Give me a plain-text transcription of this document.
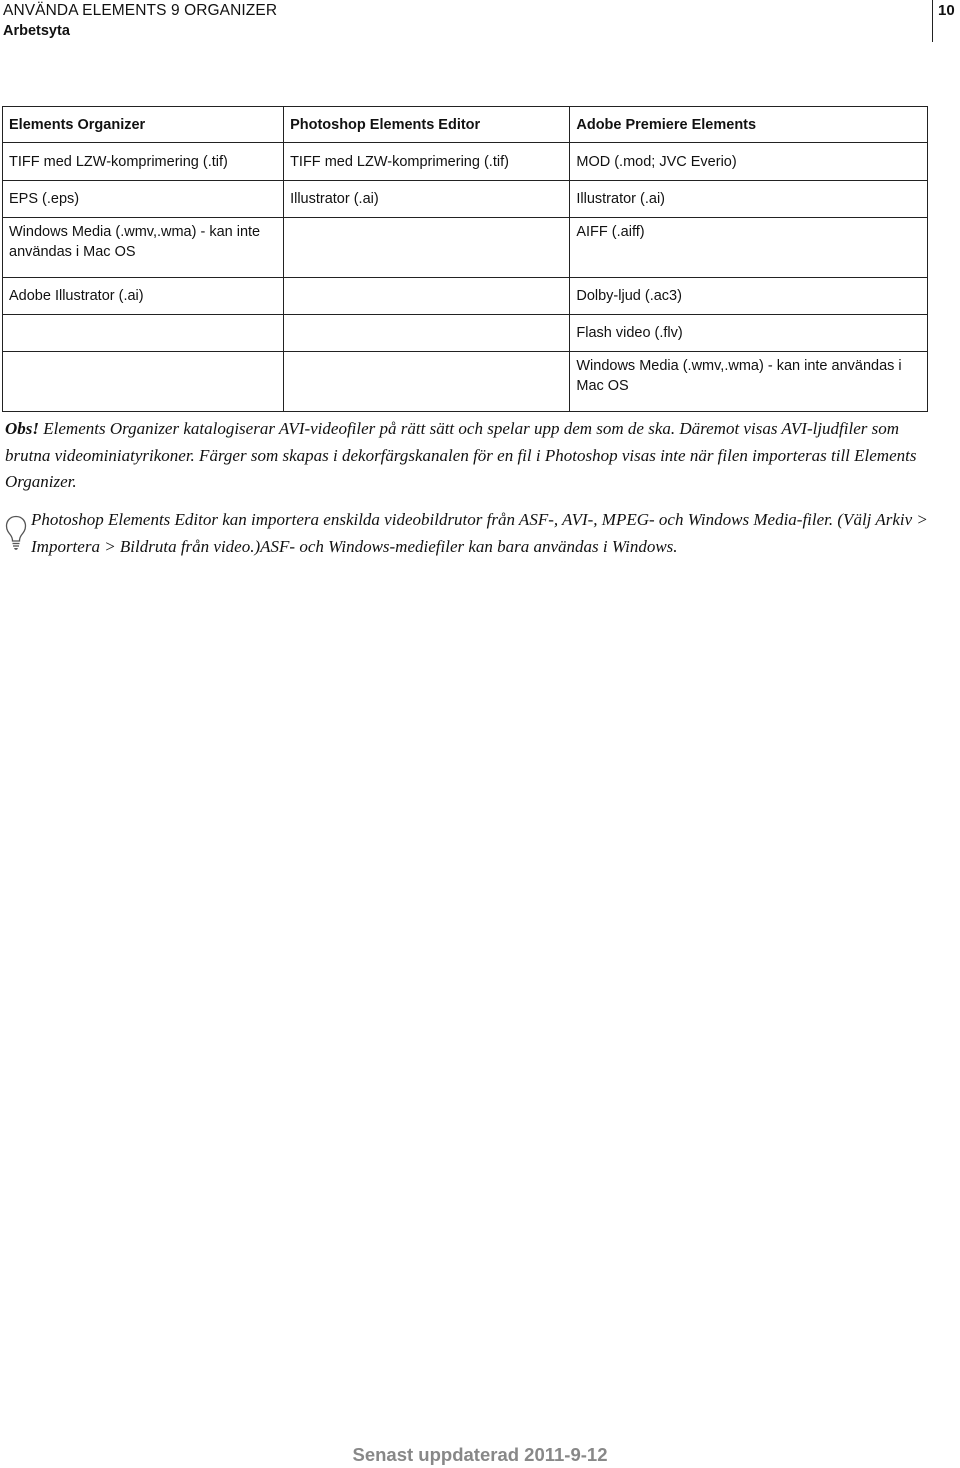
ANVÄNDA ELEMENTS 9 ORGANIZER
Arbetsyta
10
Elements Organizer	Photoshop Elements Editor	Adobe Premiere Elements
TIFF med LZW-komprimering (.tif)	TIFF med LZW-komprimering (.tif)	MOD (.mod; JVC Everio)
EPS (.eps)	Illustrator (.ai)	Illustrator (.ai)
Windows Media (.wmv,.wma) - kan inte användas i Mac OS		AIFF (.aiff)
Adobe Illustrator (.ai)		Dolby-ljud (.ac3)
		Flash video (.flv)
		Windows Media (.wmv,.wma) - kan inte användas i Mac OS
Obs! Elements Organizer katalogiserar AVI-videofiler på rätt sätt och spelar upp dem som de ska. Däremot visas AVI-ljudfiler som brutna videominiatyrikoner. Färger som skapas i dekorfärgskanalen för en fil i Photoshop visas inte när filen importeras till Elements Organizer.
Photoshop Elements Editor kan importera enskilda videobildrutor från ASF-, AVI-, MPEG- och Windows Media-filer. (Välj Arkiv > Importera > Bildruta från video.)ASF- och Windows-mediefiler kan bara användas i Windows.
Senast uppdaterad 2011-9-12
